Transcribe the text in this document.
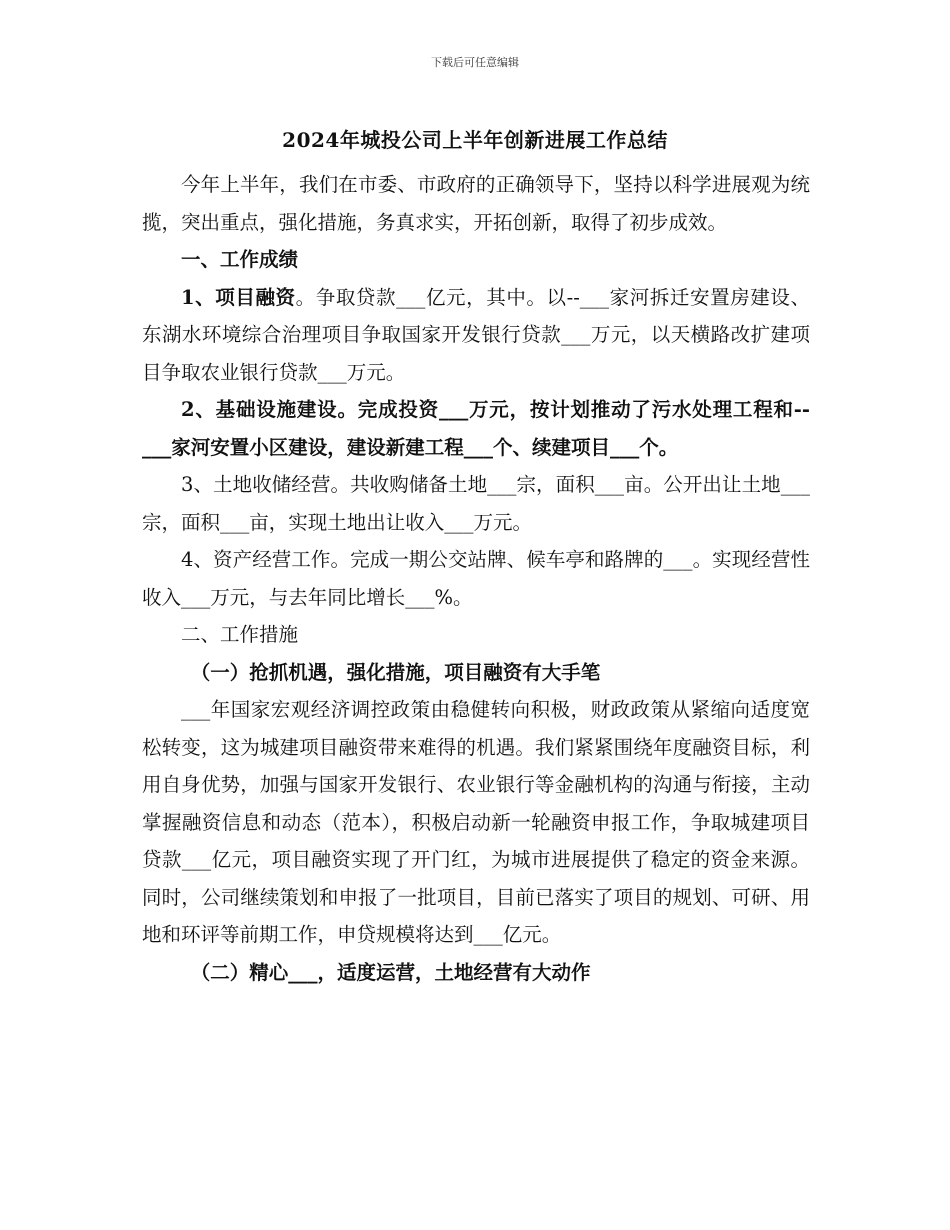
下载后可任意编辑
2024年城投公司上半年创新进展工作总结

今年上半年，我们在市委、市政府的正确领导下，坚持以科学进展观为统揽，突出重点，强化措施，务真求实，开拓创新，取得了初步成效。

一、工作成绩

1、项目融资。争取贷款___亿元，其中。以--___家河拆迁安置房建设、东湖水环境综合治理项目争取国家开发银行贷款___万元，以天横路改扩建项目争取农业银行贷款___万元。

2、基础设施建设。完成投资___万元，按计划推动了污水处理工程和--___家河安置小区建设，建设新建工程___个、续建项目___个。

3、土地收储经营。共收购储备土地___宗，面积___亩。公开出让土地___宗，面积___亩，实现土地出让收入___万元。

4、资产经营工作。完成一期公交站牌、候车亭和路牌的___。实现经营性收入___万元，与去年同比增长___%。

二、工作措施

（一）抢抓机遇，强化措施，项目融资有大手笔

___年国家宏观经济调控政策由稳健转向积极，财政政策从紧缩向适度宽松转变，这为城建项目融资带来难得的机遇。我们紧紧围绕年度融资目标，利用自身优势，加强与国家开发银行、农业银行等金融机构的沟通与衔接，主动掌握融资信息和动态（范本），积极启动新一轮融资申报工作，争取城建项目贷款___亿元，项目融资实现了开门红，为城市进展提供了稳定的资金来源。同时，公司继续策划和申报了一批项目，目前已落实了项目的规划、可研、用地和环评等前期工作，申贷规模将达到___亿元。

（二）精心___，适度运营，土地经营有大动作
